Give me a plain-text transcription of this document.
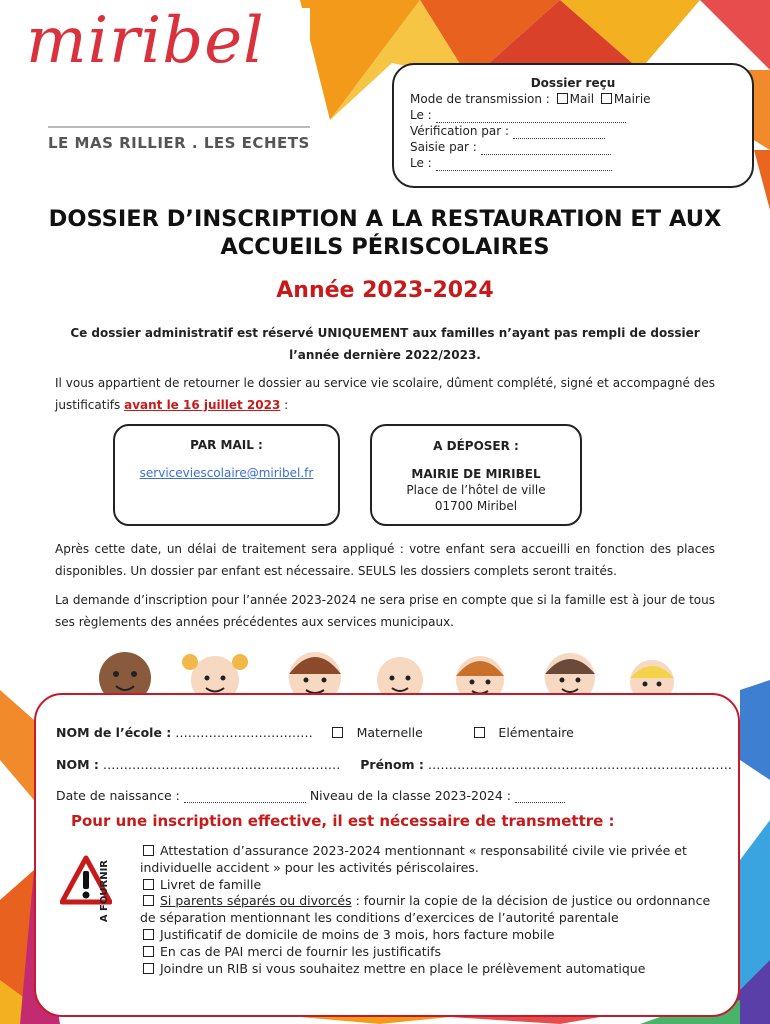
miribel
LE MAS RILLIER . LES ECHETS
Dossier reçu
Mode de transmission : Mail Mairie
Le :
Vérification par :
Saisie par :
Le :
DOSSIER D’INSCRIPTION A LA RESTAURATION ET AUX
ACCUEILS PÉRISCOLAIRES
Année 2023-2024
Ce dossier administratif est réservé UNIQUEMENT aux familles n’ayant pas rempli de dossier
l’année dernière 2022/2023.
Il vous appartient de retourner le dossier au service vie scolaire, dûment complété, signé et accompagné des justificatifs avant le 16 juillet 2023 :
PAR MAIL :
serviceviescolaire@miribel.fr
A DÉPOSER :
MAIRIE DE MIRIBEL
Place de l’hôtel de ville
01700 Miribel
Après cette date, un délai de traitement sera appliqué : votre enfant sera accueilli en fonction des places disponibles. Un dossier par enfant est nécessaire. SEULS les dossiers complets seront traités.
La demande d’inscription pour l’année 2023-2024 ne sera prise en compte que si la famille est à jour de tous ses règlements des années précédentes aux services municipaux.
NOM de l’école : ……………………………	Maternelle	Elémentaire
NOM : ………………………………………………… Prénom : ……………………………………………………………….
Date de naissance :	Niveau de la classe 2023-2024 :
Pour une inscription effective, il est nécessaire de transmettre :
A FOURNIR
Attestation d’assurance 2023-2024 mentionnant « responsabilité civile vie privée et individuelle accident » pour les activités périscolaires.
Livret de famille
Si parents séparés ou divorcés : fournir la copie de la décision de justice ou ordonnance de séparation mentionnant les conditions d’exercices de l’autorité parentale
Justificatif de domicile de moins de 3 mois, hors facture mobile
En cas de PAI merci de fournir les justificatifs
Joindre un RIB si vous souhaitez mettre en place le prélèvement automatique
